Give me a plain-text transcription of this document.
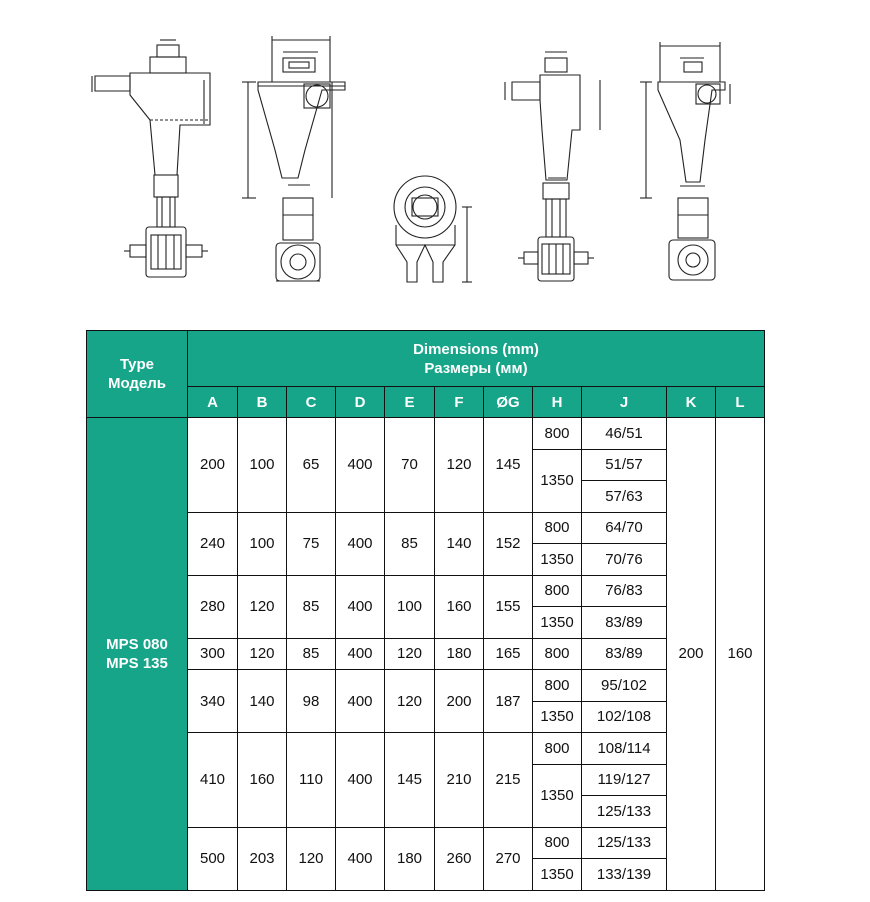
Type
Модель	Dimensions (mm)
Размеры (мм)										

	A	B	C	D	E	F	ØG	H	J	K	L

MPS 080
MPS 135	200	100	65	400	70	120	145	800	46/51	200	160
								1350	51/57		
									57/63		
	240	100	75	400	85	140	152	800	64/70		
								1350	70/76		
	280	120	85	400	100	160	155	800	76/83		
								1350	83/89		
	300	120	85	400	120	180	165	800	83/89		
	340	140	98	400	120	200	187	800	95/102		
								1350	102/108		
	410	160	110	400	145	210	215	800	108/114		
								1350	119/127		
									125/133		
	500	203	120	400	180	260	270	800	125/133		
								1350	133/139		
